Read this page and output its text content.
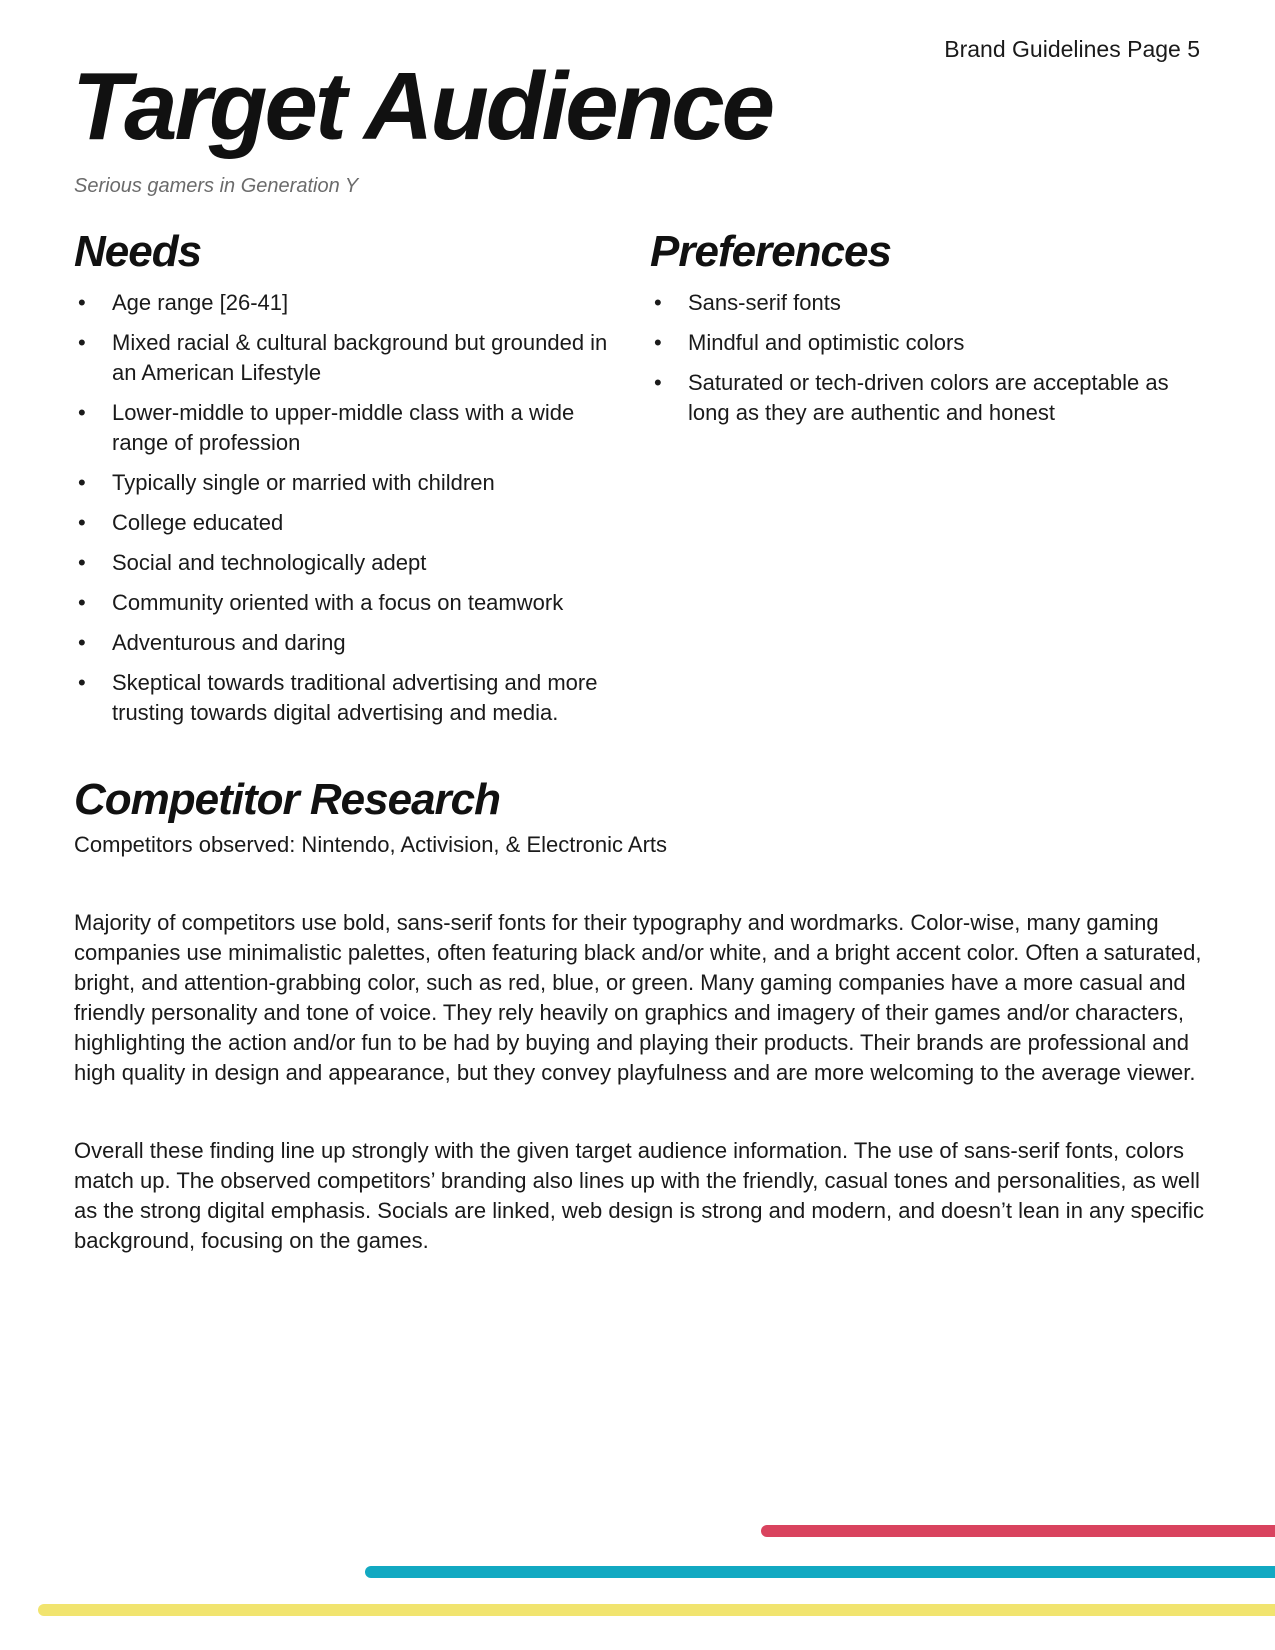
Brand Guidelines Page 5
Target Audience
Serious gamers in Generation Y
Needs
• Age range [26-41]
• Mixed racial & cultural background but grounded in an American Lifestyle
• Lower-middle to upper-middle class with a wide range of profession
• Typically single or married with children
• College educated
• Social and technologically adept
• Community oriented with a focus on teamwork
• Adventurous and daring
• Skeptical towards traditional advertising and more trusting towards digital advertising and media.
Preferences
• Sans-serif fonts
• Mindful and optimistic colors
• Saturated or tech-driven colors are acceptable as long as they are authentic and honest
Competitor Research

Competitors observed: Nintendo, Activision, & Electronic Arts

Majority of competitors use bold, sans-serif fonts for their typography and wordmarks. Color-wise, many gaming companies use minimalistic palettes, often featuring black and/or white, and a bright accent color. Often a saturated, bright, and attention-grabbing color, such as red, blue, or green. Many gaming companies have a more casual and friendly personality and tone of voice. They rely heavily on graphics and imagery of their games and/or characters, highlighting the action and/or fun to be had by buying and playing their products. Their brands are professional and high quality in design and appearance, but they convey playfulness and are more welcoming to the average viewer.

Overall these finding line up strongly with the given target audience information. The use of sans-serif fonts, colors match up. The observed competitors’ branding also lines up with the friendly, casual tones and personalities, as well as the strong digital emphasis. Socials are linked, web design is strong and modern, and doesn’t lean in any specific background, focusing on the games.
